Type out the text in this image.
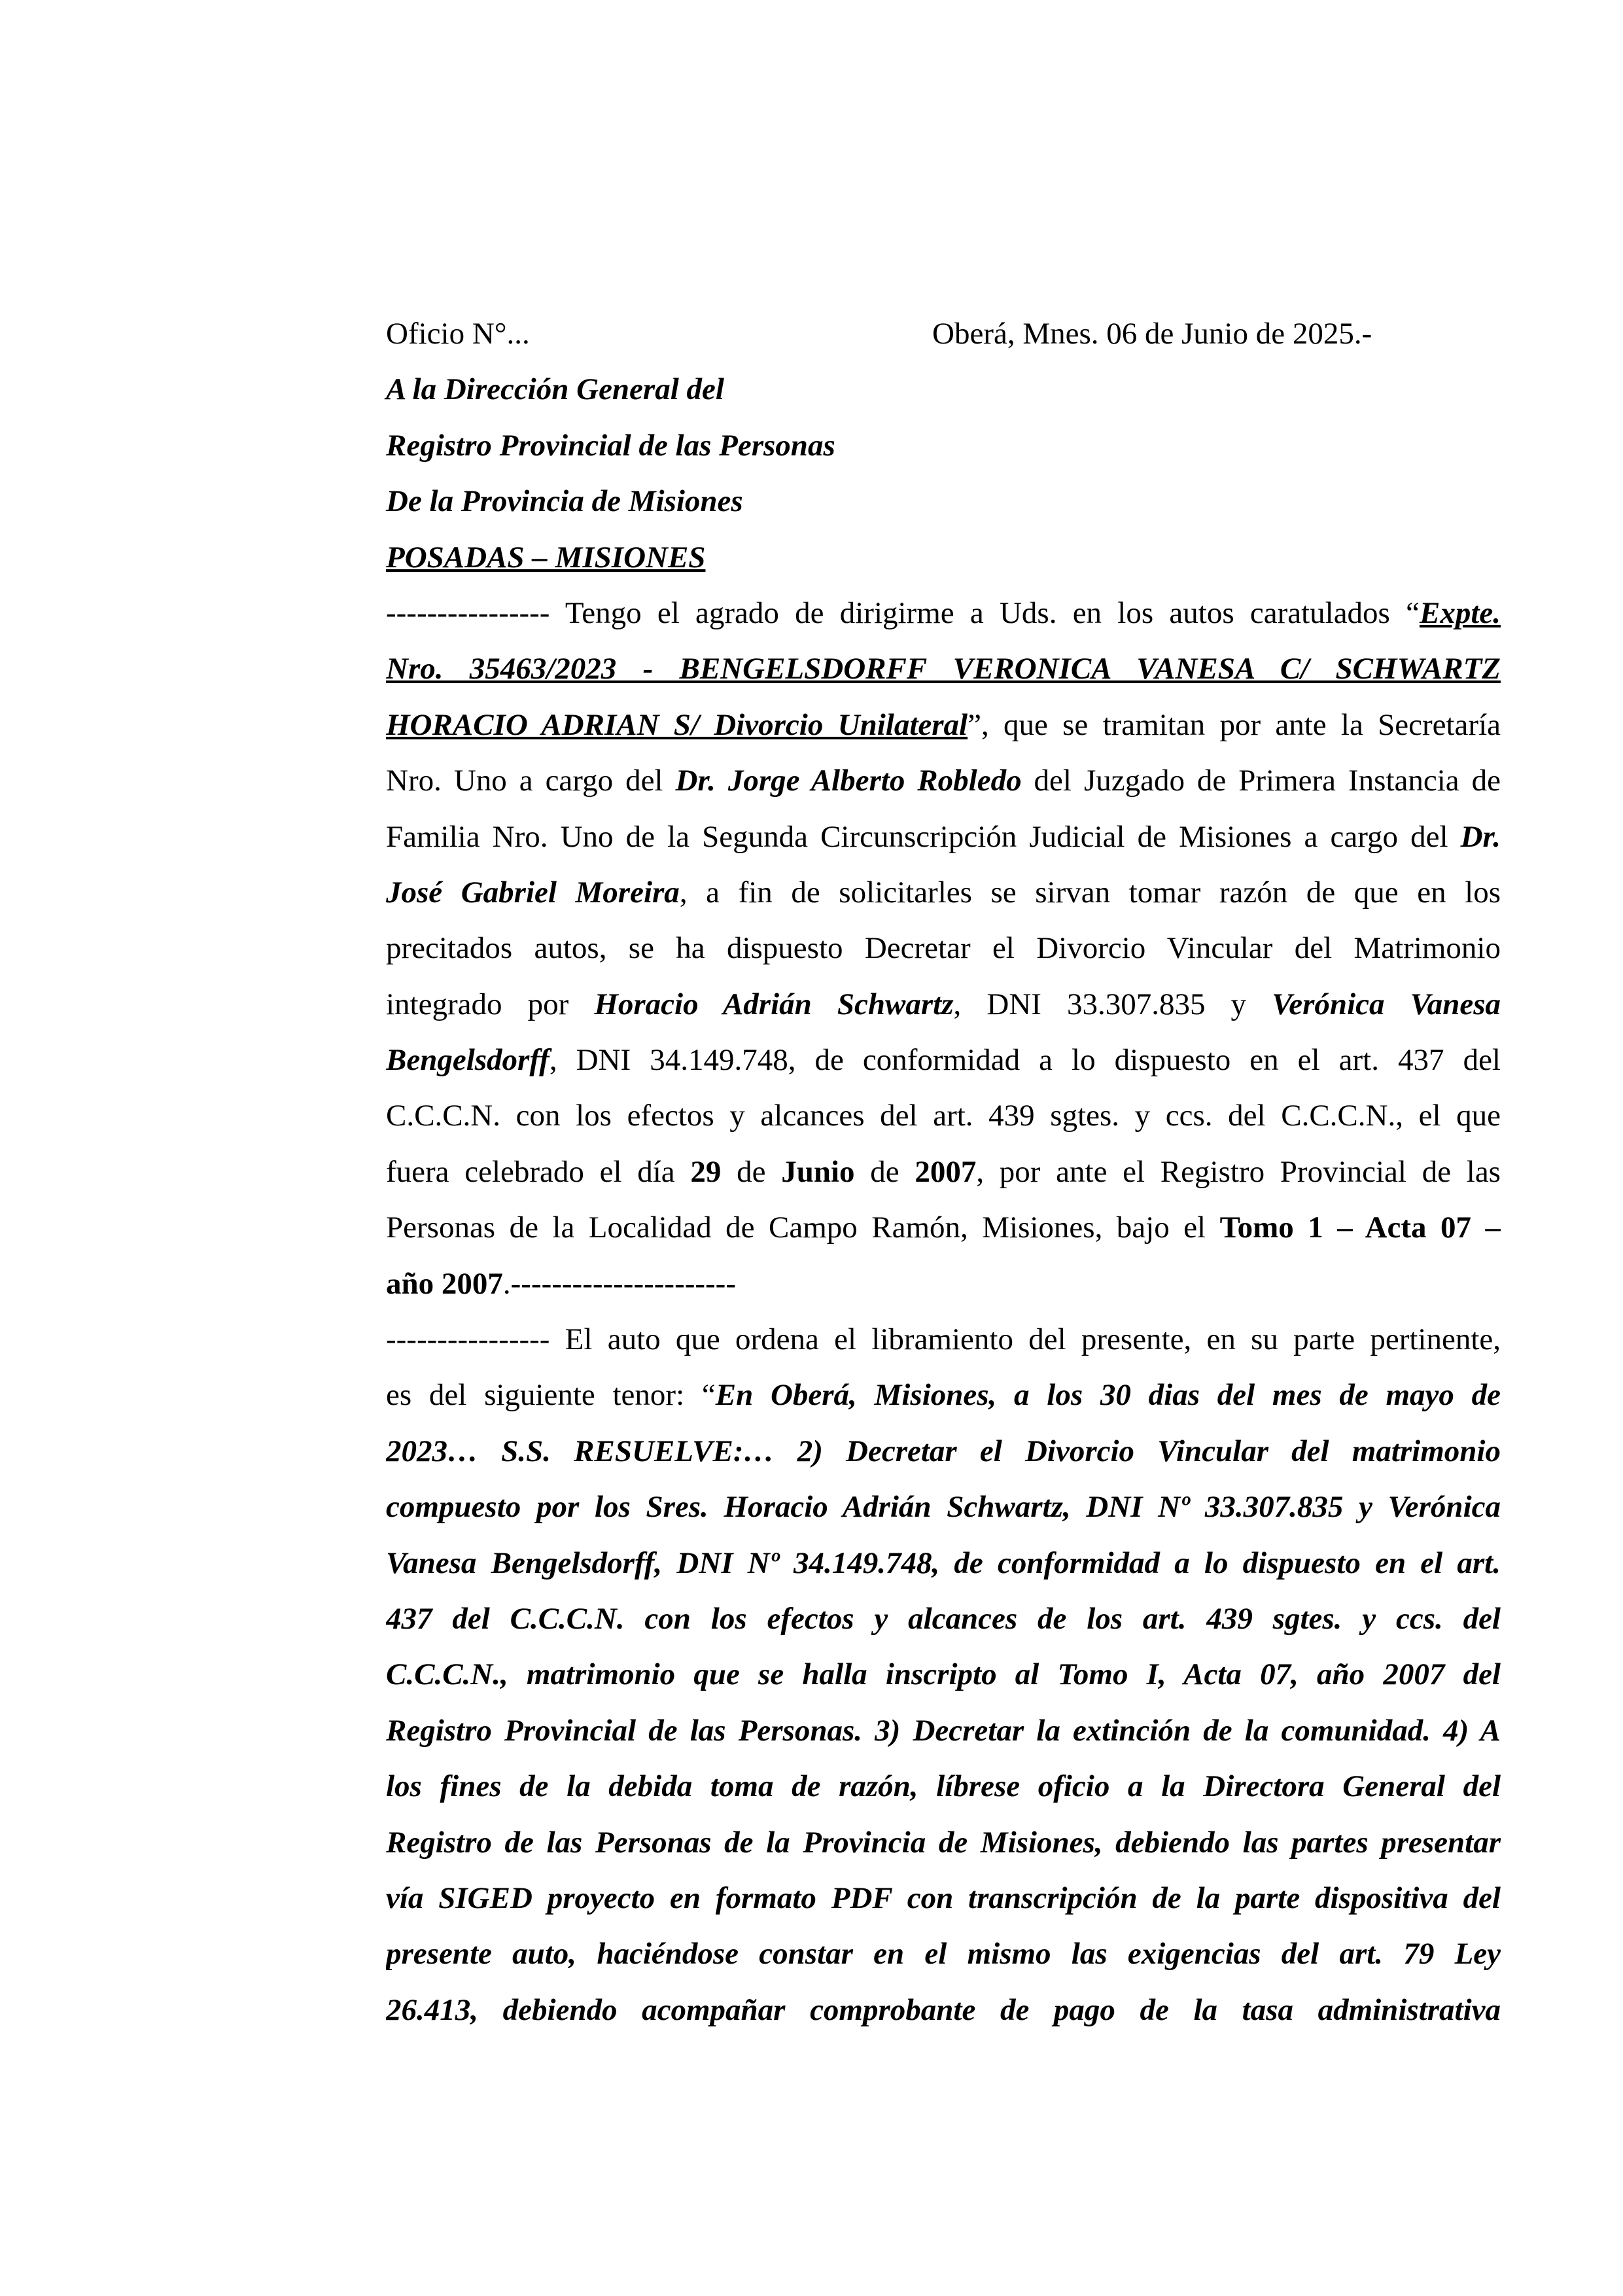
Oficio N°...	Oberá, Mnes. 06 de Junio de 2025.-
A la Dirección General del
Registro Provincial de las Personas
De la Provincia de Misiones
POSADAS – MISIONES
---------------- Tengo el agrado de dirigirme a Uds. en los autos caratulados “Expte.
Nro. 35463/2023 - BENGELSDORFF VERONICA VANESA C/ SCHWARTZ
HORACIO ADRIAN S/ Divorcio Unilateral”, que se tramitan por ante la Secretaría
Nro. Uno a cargo del Dr. Jorge Alberto Robledo del Juzgado de Primera Instancia de
Familia Nro. Uno de la Segunda Circunscripción Judicial de Misiones a cargo del Dr.
José Gabriel Moreira, a fin de solicitarles se sirvan tomar razón de que en los
precitados autos, se ha dispuesto Decretar el Divorcio Vincular del Matrimonio
integrado por Horacio Adrián Schwartz, DNI 33.307.835 y Verónica Vanesa
Bengelsdorff, DNI 34.149.748, de conformidad a lo dispuesto en el art. 437 del
C.C.C.N. con los efectos y alcances del art. 439 sgtes. y ccs. del C.C.C.N., el que
fuera celebrado el día 29 de Junio de 2007, por ante el Registro Provincial de las
Personas de la Localidad de Campo Ramón, Misiones, bajo el Tomo 1 – Acta 07 –
año 2007.----------------------
---------------- El auto que ordena el libramiento del presente, en su parte pertinente,
es del siguiente tenor: “En Oberá, Misiones, a los 30 dias del mes de mayo de
2023… S.S. RESUELVE:… 2) Decretar el Divorcio Vincular del matrimonio
compuesto por los Sres. Horacio Adrián Schwartz, DNI Nº 33.307.835 y Verónica
Vanesa Bengelsdorff, DNI Nº 34.149.748, de conformidad a lo dispuesto en el art.
437 del C.C.C.N. con los efectos y alcances de los art. 439 sgtes. y ccs. del
C.C.C.N., matrimonio que se halla inscripto al Tomo I, Acta 07, año 2007 del
Registro Provincial de las Personas. 3) Decretar la extinción de la comunidad. 4) A
los fines de la debida toma de razón, líbrese oficio a la Directora General del
Registro de las Personas de la Provincia de Misiones, debiendo las partes presentar
vía SIGED proyecto en formato PDF con transcripción de la parte dispositiva del
presente auto, haciéndose constar en el mismo las exigencias del art. 79 Ley
26.413, debiendo acompañar comprobante de pago de la tasa administrativa
